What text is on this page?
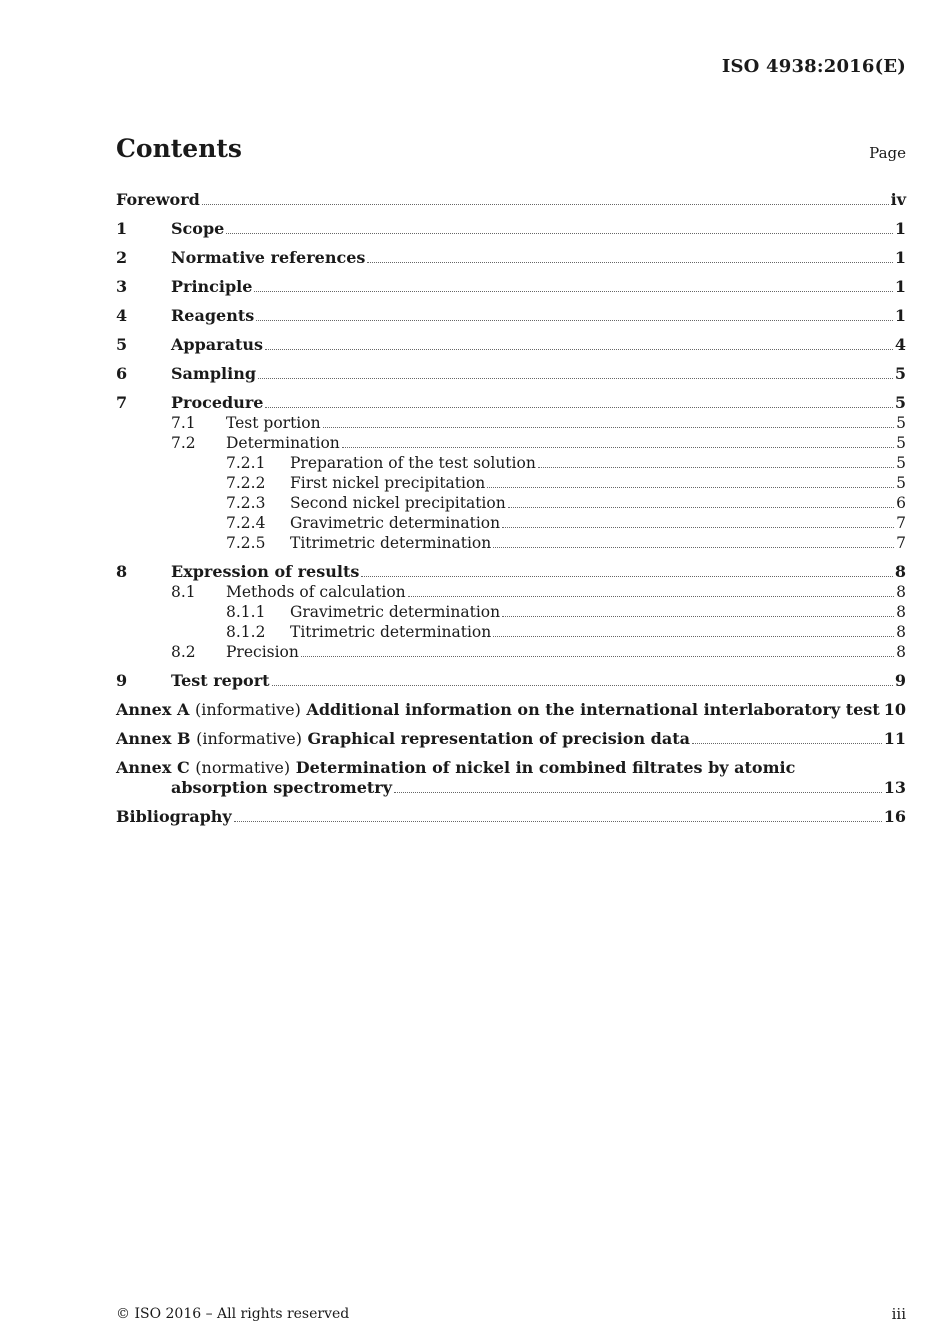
ISO 4938:2016(E)
Contents	Page
Foreword	iv
1	Scope	1
2	Normative references	1
3	Principle	1
4	Reagents	1
5	Apparatus	4
6	Sampling	5
7	Procedure	5
7.1	Test portion	5
7.2	Determination	5
7.2.1	Preparation of the test solution	5
7.2.2	First nickel precipitation	5
7.2.3	Second nickel precipitation	6
7.2.4	Gravimetric determination	7
7.2.5	Titrimetric determination	7
8	Expression of results	8
8.1	Methods of calculation	8
8.1.1	Gravimetric determination	8
8.1.2	Titrimetric determination	8
8.2	Precision	8
9	Test report	9
Annex A (informative) Additional information on the international interlaboratory test 10
Annex B (informative) Graphical representation of precision data	11
Annex C (normative) Determination of nickel in combined filtrates by atomic
absorption spectrometry	13
Bibliography	16
© ISO 2016 – All rights reserved	iii
